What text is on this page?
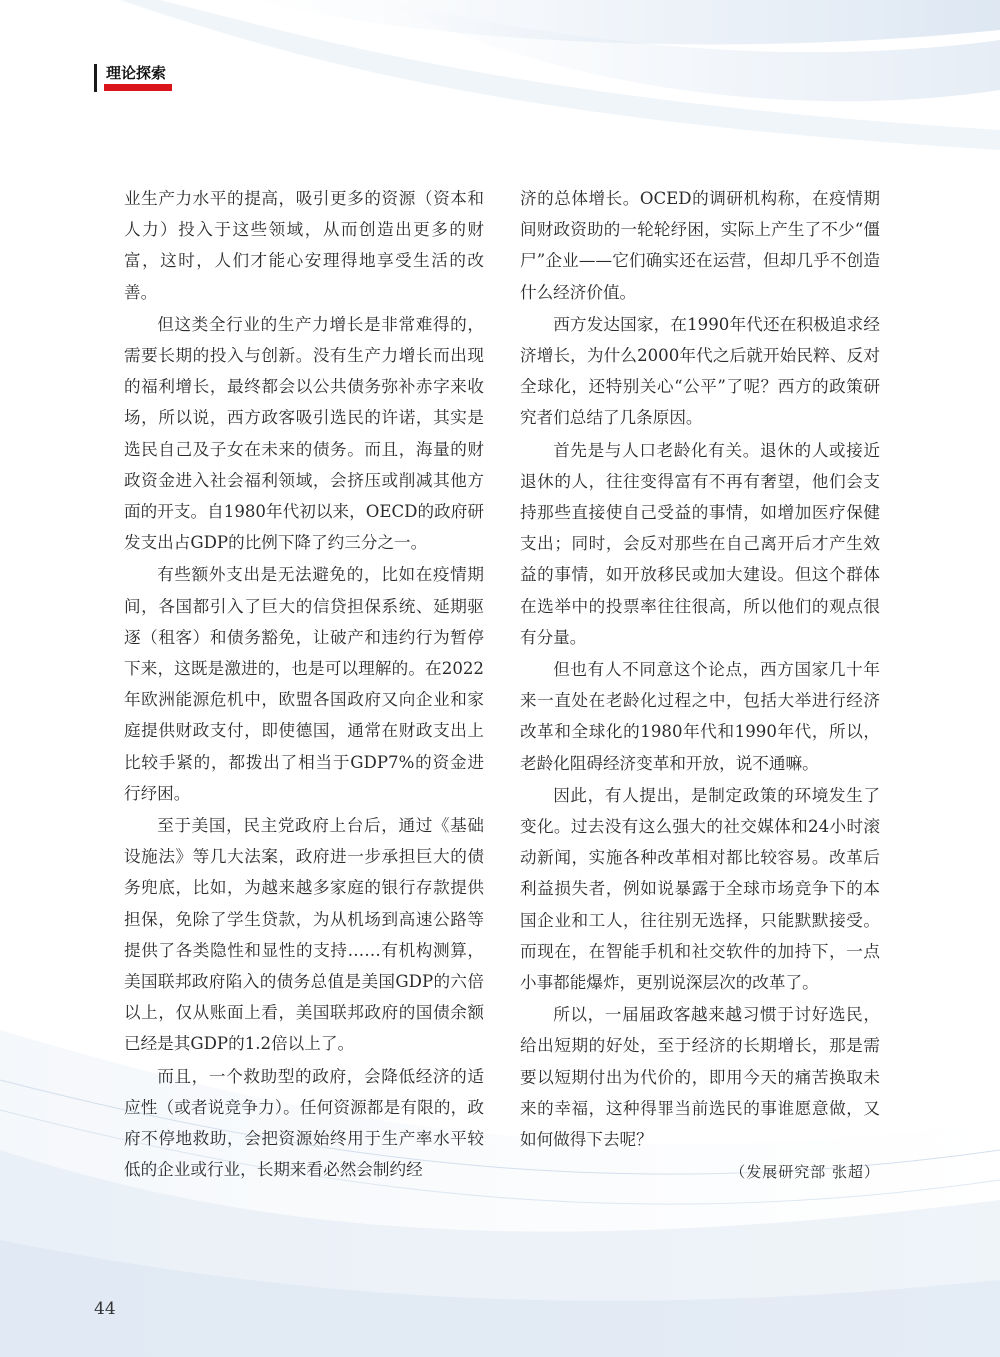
理论探索

业生产力水平的提高，吸引更多的资源（资本和人力）投入于这些领域，从而创造出更多的财富，这时，人们才能心安理得地享受生活的改善。

但这类全行业的生产力增长是非常难得的，需要长期的投入与创新。没有生产力增长而出现的福利增长，最终都会以公共债务弥补赤字来收场，所以说，西方政客吸引选民的许诺，其实是选民自己及子女在未来的债务。而且，海量的财政资金进入社会福利领域，会挤压或削减其他方面的开支。自1980年代初以来，OECD的政府研发支出占GDP的比例下降了约三分之一。

有些额外支出是无法避免的，比如在疫情期间，各国都引入了巨大的信贷担保系统、延期驱逐（租客）和债务豁免，让破产和违约行为暂停下来，这既是激进的，也是可以理解的。在2022年欧洲能源危机中，欧盟各国政府又向企业和家庭提供财政支付，即使德国，通常在财政支出上比较手紧的，都拨出了相当于GDP7%的资金进行纾困。

至于美国，民主党政府上台后，通过《基础设施法》等几大法案，政府进一步承担巨大的债务兜底，比如，为越来越多家庭的银行存款提供担保，免除了学生贷款，为从机场到高速公路等提供了各类隐性和显性的支持……有机构测算，美国联邦政府陷入的债务总值是美国GDP的六倍以上，仅从账面上看，美国联邦政府的国债余额已经是其GDP的1.2倍以上了。

而且，一个救助型的政府，会降低经济的适应性（或者说竞争力）。任何资源都是有限的，政府不停地救助，会把资源始终用于生产率水平较低的企业或行业，长期来看必然会制约经

济的总体增长。OCED的调研机构称，在疫情期间财政资助的一轮轮纾困，实际上产生了不少“僵尸”企业——它们确实还在运营，但却几乎不创造什么经济价值。

西方发达国家，在1990年代还在积极追求经济增长，为什么2000年代之后就开始民粹、反对全球化，还特别关心“公平”了呢？西方的政策研究者们总结了几条原因。

首先是与人口老龄化有关。退休的人或接近退休的人，往往变得富有不再有奢望，他们会支持那些直接使自己受益的事情，如增加医疗保健支出；同时，会反对那些在自己离开后才产生效益的事情，如开放移民或加大建设。但这个群体在选举中的投票率往往很高，所以他们的观点很有分量。

但也有人不同意这个论点，西方国家几十年来一直处在老龄化过程之中，包括大举进行经济改革和全球化的1980年代和1990年代，所以，老龄化阻碍经济变革和开放，说不通嘛。

因此，有人提出，是制定政策的环境发生了变化。过去没有这么强大的社交媒体和24小时滚动新闻，实施各种改革相对都比较容易。改革后利益损失者，例如说暴露于全球市场竞争下的本国企业和工人，往往别无选择，只能默默接受。而现在，在智能手机和社交软件的加持下，一点小事都能爆炸，更别说深层次的改革了。

所以，一届届政客越来越习惯于讨好选民，给出短期的好处，至于经济的长期增长，那是需要以短期付出为代价的，即用今天的痛苦换取未来的幸福，这种得罪当前选民的事谁愿意做，又如何做得下去呢？

（发展研究部 张超）

44
